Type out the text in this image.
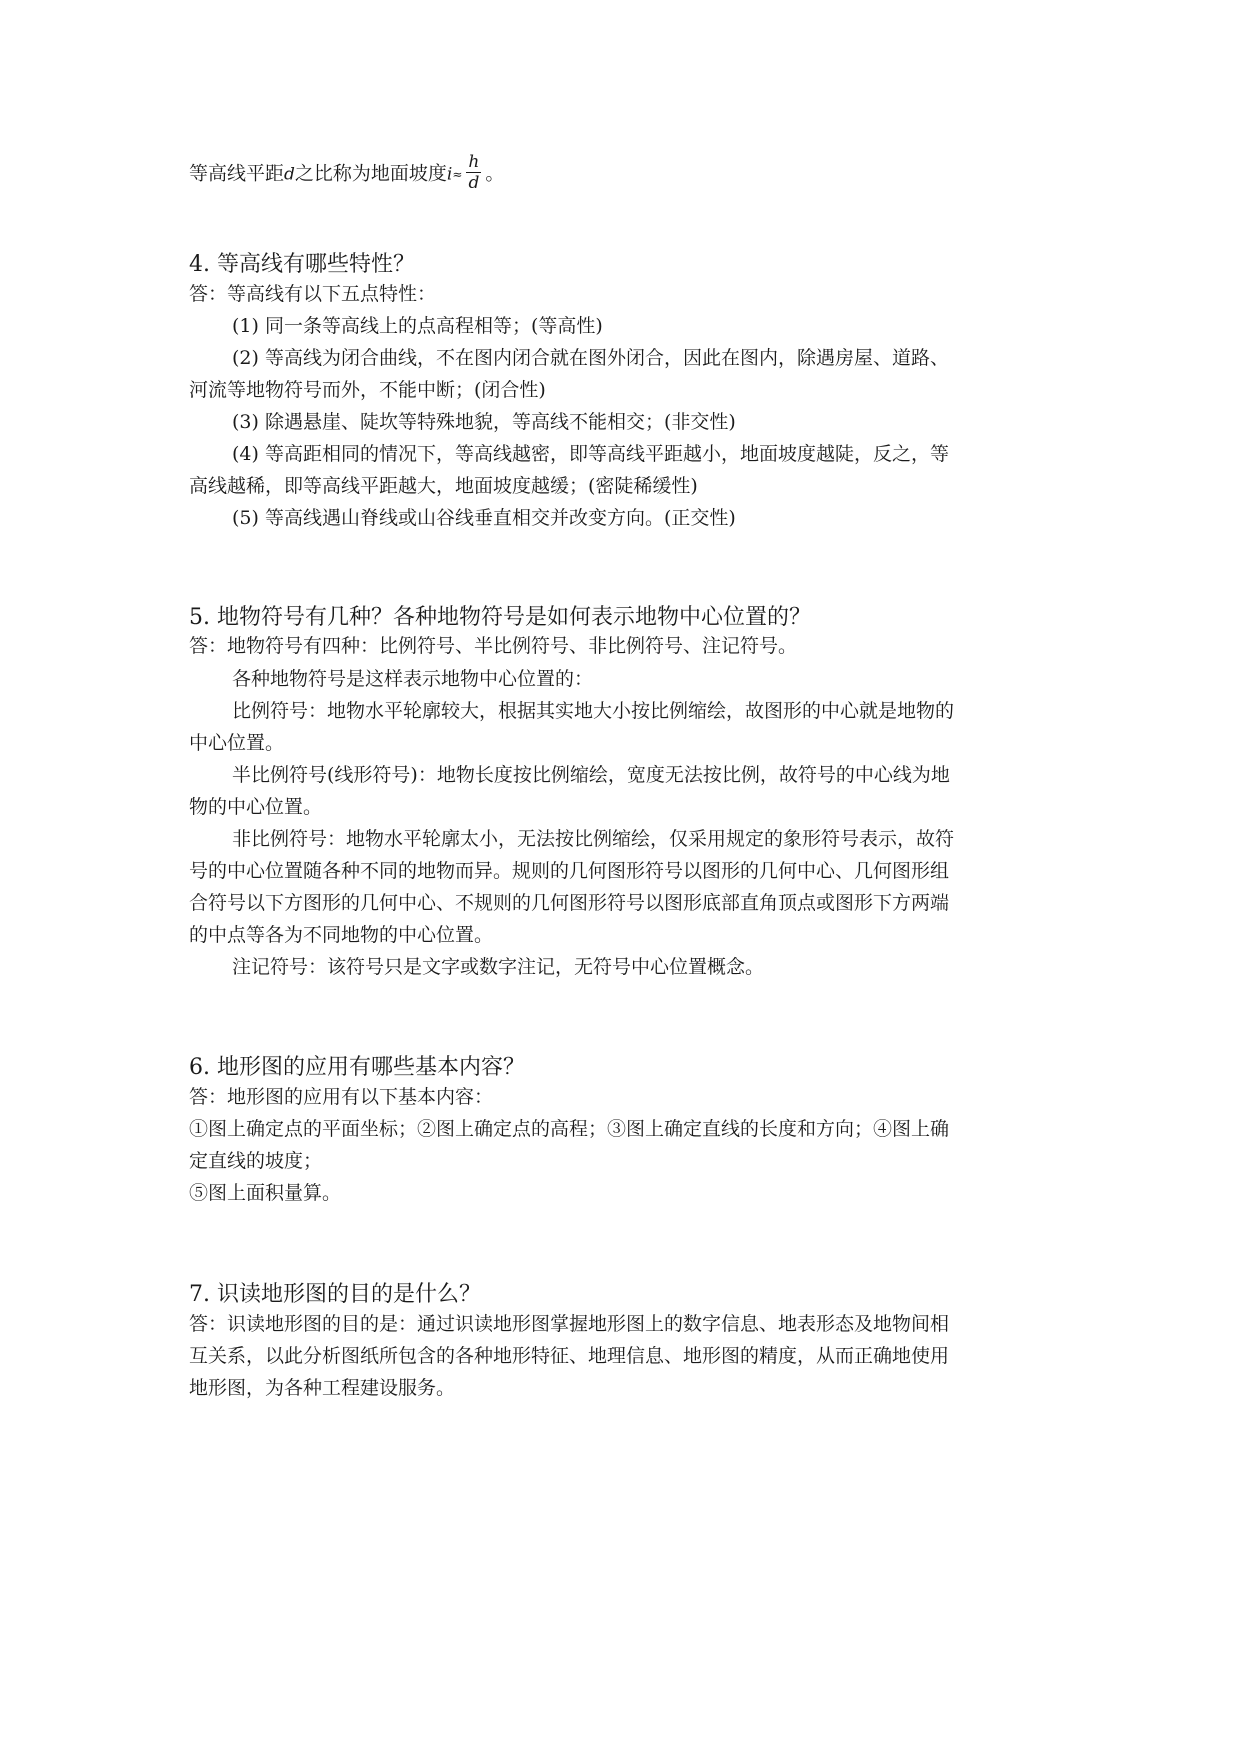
等高线平距d之比称为地面坡度$i\approx \frac{h}{d}$ 。
4. 等高线有哪些特性？
答：等高线有以下五点特性：
(1) 同一条等高线上的点高程相等；(等高性)
(2) 等高线为闭合曲线，不在图内闭合就在图外闭合，因此在图内，除遇房屋、道路、
河流等地物符号而外，不能中断；(闭合性)
(3) 除遇悬崖、陡坎等特殊地貌，等高线不能相交；(非交性)
(4) 等高距相同的情况下，等高线越密，即等高线平距越小，地面坡度越陡，反之，等
高线越稀，即等高线平距越大，地面坡度越缓；(密陡稀缓性)
(5) 等高线遇山脊线或山谷线垂直相交并改变方向。(正交性)
5. 地物符号有几种？各种地物符号是如何表示地物中心位置的？
答：地物符号有四种：比例符号、半比例符号、非比例符号、注记符号。
各种地物符号是这样表示地物中心位置的：
比例符号：地物水平轮廓较大，根据其实地大小按比例缩绘，故图形的中心就是地物的
中心位置。
半比例符号(线形符号)：地物长度按比例缩绘，宽度无法按比例，故符号的中心线为地
物的中心位置。
非比例符号：地物水平轮廓太小，无法按比例缩绘，仅采用规定的象形符号表示，故符
号的中心位置随各种不同的地物而异。规则的几何图形符号以图形的几何中心、几何图形组
合符号以下方图形的几何中心、不规则的几何图形符号以图形底部直角顶点或图形下方两端
的中点等各为不同地物的中心位置。
注记符号：该符号只是文字或数字注记，无符号中心位置概念。
6. 地形图的应用有哪些基本内容？
答：地形图的应用有以下基本内容：
①图上确定点的平面坐标；②图上确定点的高程；③图上确定直线的长度和方向；④图上确
定直线的坡度；
⑤图上面积量算。
7. 识读地形图的目的是什么？
答：识读地形图的目的是：通过识读地形图掌握地形图上的数字信息、地表形态及地物间相
互关系，以此分析图纸所包含的各种地形特征、地理信息、地形图的精度，从而正确地使用
地形图，为各种工程建设服务。
